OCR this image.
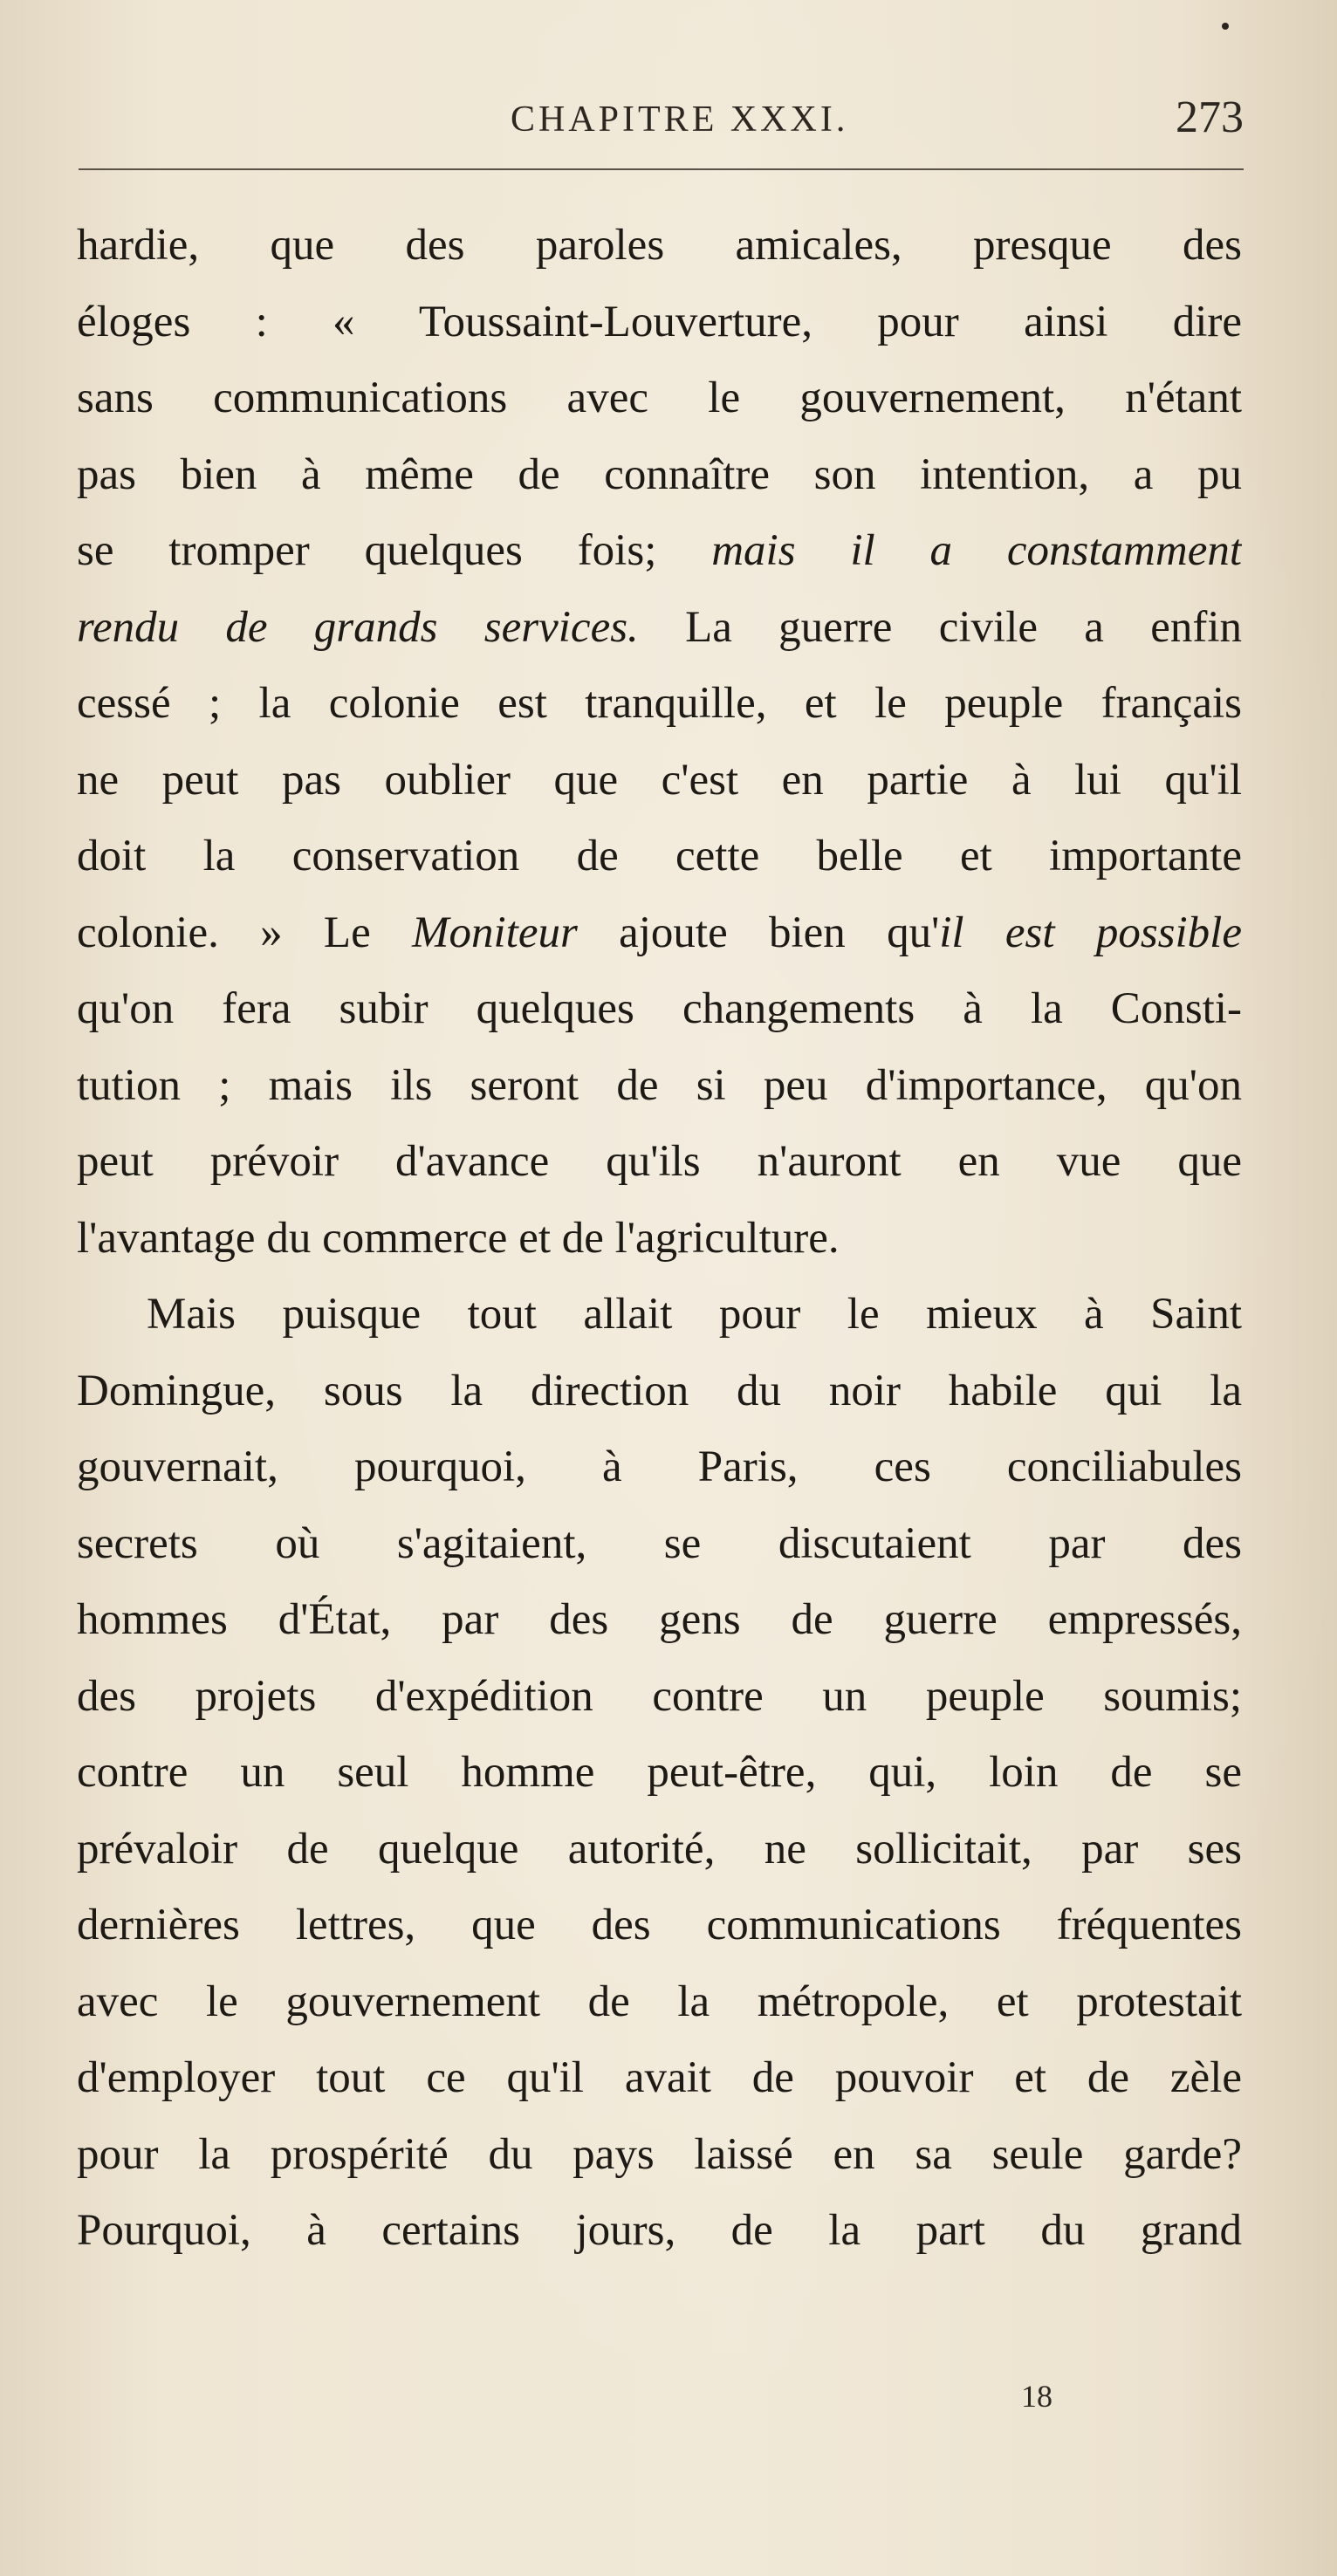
CHAPITRE XXXI.	273
hardie, que des paroles amicales, presque des
éloges : « Toussaint-Louverture, pour ainsi dire
sans communications avec le gouvernement, n'étant
pas bien à même de connaître son intention, a pu
se tromper quelques fois; mais il a constamment
rendu de grands services. La guerre civile a enfin
cessé ; la colonie est tranquille, et le peuple français
ne peut pas oublier que c'est en partie à lui qu'il
doit la conservation de cette belle et importante
colonie. » Le Moniteur ajoute bien qu'il est possible
qu'on fera subir quelques changements à la Consti-
tution ; mais ils seront de si peu d'importance, qu'on
peut prévoir d'avance qu'ils n'auront en vue que
l'avantage du commerce et de l'agriculture.
Mais puisque tout allait pour le mieux à Saint
Domingue, sous la direction du noir habile qui la
gouvernait, pourquoi, à Paris, ces conciliabules
secrets où s'agitaient, se discutaient par des
hommes d'État, par des gens de guerre empressés,
des projets d'expédition contre un peuple soumis;
contre un seul homme peut-être, qui, loin de se
prévaloir de quelque autorité, ne sollicitait, par ses
dernières lettres, que des communications fréquentes
avec le gouvernement de la métropole, et protestait
d'employer tout ce qu'il avait de pouvoir et de zèle
pour la prospérité du pays laissé en sa seule garde?
Pourquoi, à certains jours, de la part du grand
18
